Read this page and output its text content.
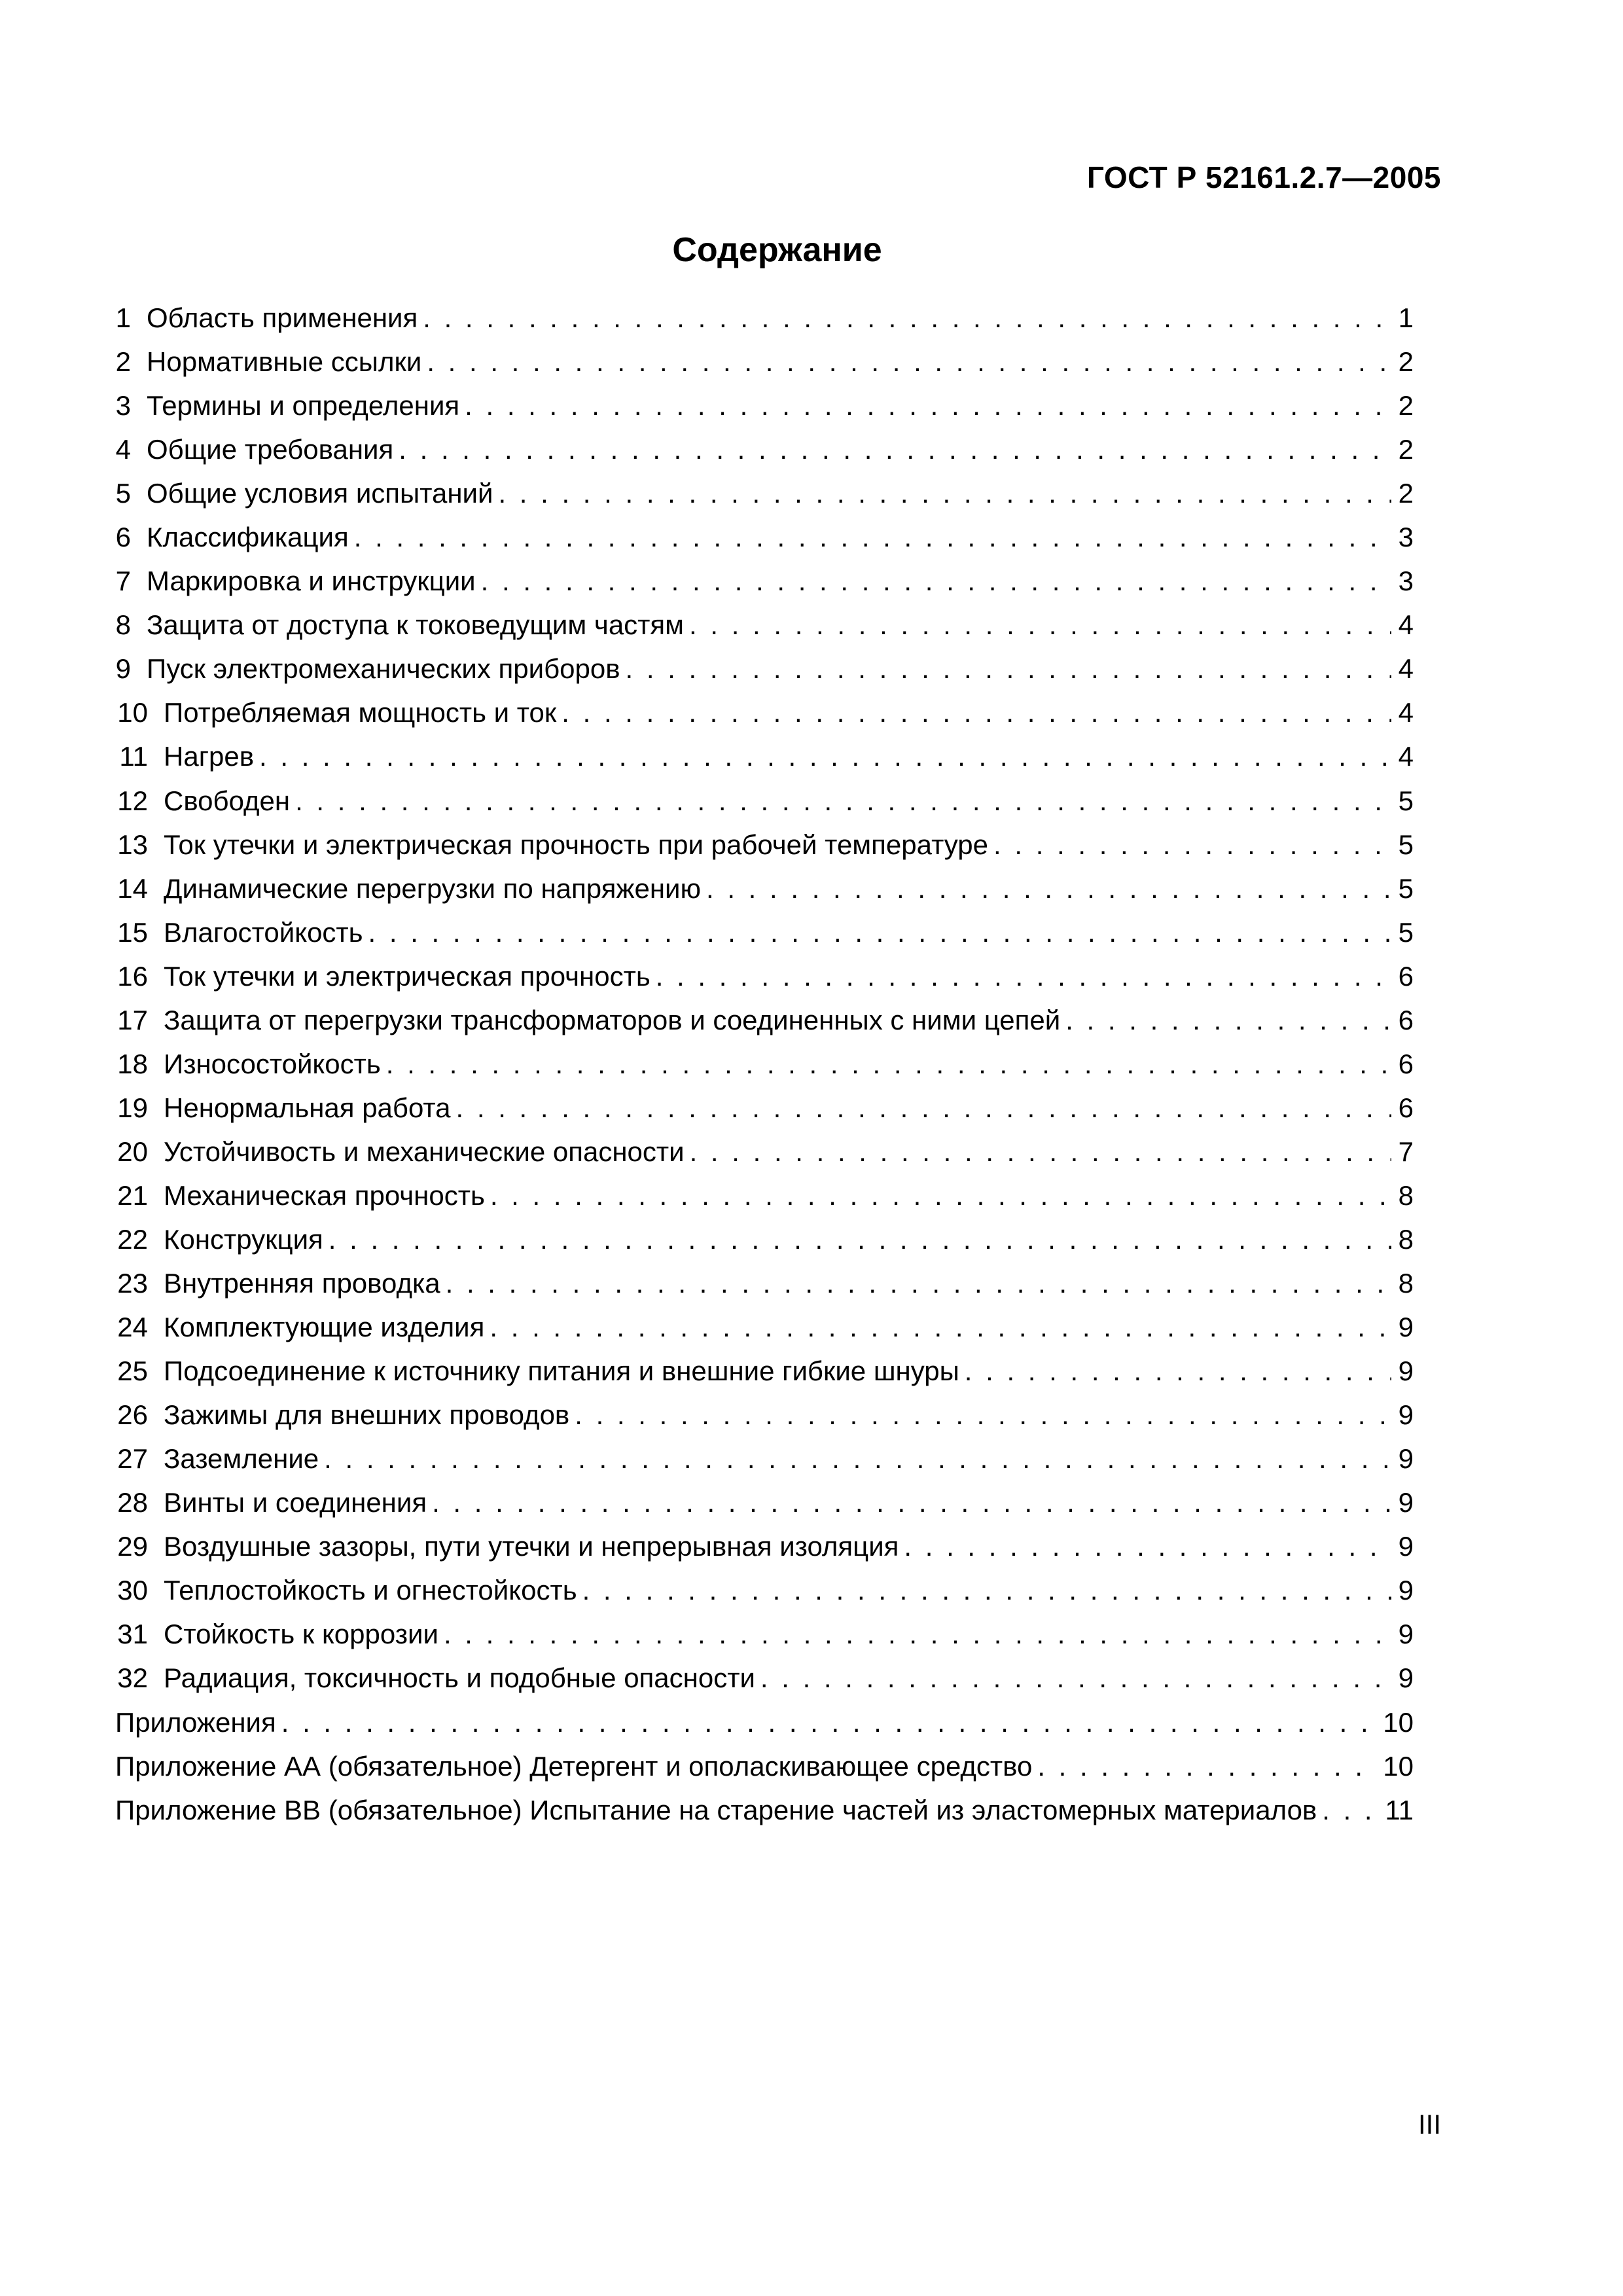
ГОСТ Р 52161.2.7—2005
Содержание
1 Область применения . . .	1
2 Нормативные ссылки . . .	2
3 Термины и определения . . .	2
4 Общие требования . . .	2
5 Общие условия испытаний . . .	2
6 Классификация . . .	3
7 Маркировка и инструкции . . .	3
8 Защита от доступа к токоведущим частям . . .	4
9 Пуск электромеханических приборов . . .	4
10 Потребляемая мощность и ток . . .	4
11 Нагрев . . .	4
12 Свободен . . .	5
13 Ток утечки и электрическая прочность при рабочей температуре . . .	5
14 Динамические перегрузки по напряжению . . .	5
15 Влагостойкость . . .	5
16 Ток утечки и электрическая прочность . . .	6
17 Защита от перегрузки трансформаторов и соединенных с ними цепей . . .	6
18 Износостойкость . . .	6
19 Ненормальная работа . . .	6
20 Устойчивость и механические опасности . . .	7
21 Механическая прочность . . .	8
22 Конструкция . . .	8
23 Внутренняя проводка . . .	8
24 Комплектующие изделия . . .	9
25 Подсоединение к источнику питания и внешние гибкие шнуры . . .	9
26 Зажимы для внешних проводов . . .	9
27 Заземление . . .	9
28 Винты и соединения . . .	9
29 Воздушные зазоры, пути утечки и непрерывная изоляция . . .	9
30 Теплостойкость и огнестойкость . . .	9
31 Стойкость к коррозии . . .	9
32 Радиация, токсичность и подобные опасности . . .	9
Приложения . . .	10
Приложение АА (обязательное) Детергент и ополаскивающее средство . . .	10
Приложение ВВ (обязательное) Испытание на старение частей из эластомерных материалов . . . 11
III
